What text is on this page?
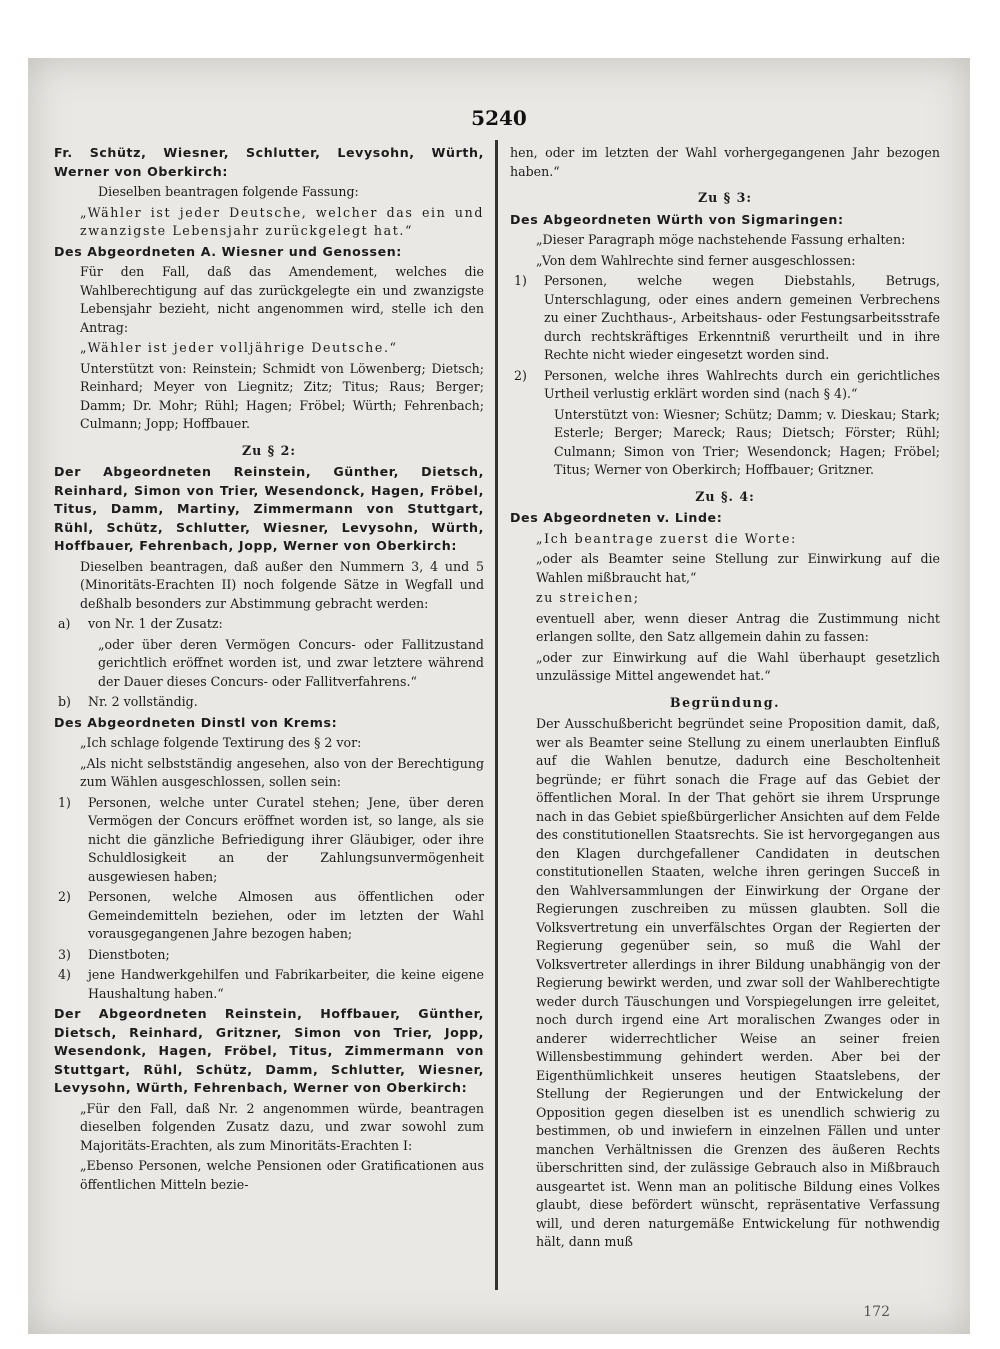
5240
Fr. Schütz, Wiesner, Schlutter, Levysohn, Würth, Werner von Oberkirch:

Dieselben beantragen folgende Fassung:

„Wähler ist jeder Deutsche, welcher das ein und zwanzigste Lebensjahr zurückgelegt hat.“

Des Abgeordneten A. Wiesner und Genossen:

Für den Fall, daß das Amendement, welches die Wahlberechtigung auf das zurückgelegte ein und zwanzigste Lebensjahr bezieht, nicht angenommen wird, stelle ich den Antrag:

„Wähler ist jeder volljährige Deutsche.“

Unterstützt von: Reinstein; Schmidt von Löwenberg; Dietsch; Reinhard; Meyer von Liegnitz; Zitz; Titus; Raus; Berger; Damm; Dr. Mohr; Rühl; Hagen; Fröbel; Würth; Fehrenbach; Culmann; Jopp; Hoffbauer.

Zu § 2:
Der Abgeordneten Reinstein, Günther, Dietsch, Reinhard, Simon von Trier, Wesendonck, Hagen, Fröbel, Titus, Damm, Martiny, Zimmermann von Stuttgart, Rühl, Schütz, Schlutter, Wiesner, Levysohn, Würth, Hoffbauer, Fehrenbach, Jopp, Werner von Oberkirch:

Dieselben beantragen, daß außer den Nummern 3, 4 und 5 (Minoritäts-Erachten II) noch folgende Sätze in Wegfall und deßhalb besonders zur Abstimmung gebracht werden:

a)	von Nr. 1 der Zusatz:

„oder über deren Vermögen Concurs- oder Fallitzustand gerichtlich eröffnet worden ist, und zwar letztere während der Dauer dieses Concurs- oder Fallitverfahrens.“

b)	Nr. 2 vollständig.
Des Abgeordneten Dinstl von Krems:

„Ich schlage folgende Textirung des § 2 vor:

„Als nicht selbstständig angesehen, also von der Berechtigung zum Wählen ausgeschlossen, sollen sein:

1)	Personen, welche unter Curatel stehen; Jene, über deren Vermögen der Concurs eröffnet worden ist, so lange, als sie nicht die gänzliche Befriedigung ihrer Gläubiger, oder ihre Schuldlosigkeit an der Zahlungsunvermögenheit ausgewiesen haben;
2)	Personen, welche Almosen aus öffentlichen oder Gemeindemitteln beziehen, oder im letzten der Wahl vorausgegangenen Jahre bezogen haben;
3)	Dienstboten;
4)	jene Handwerkgehilfen und Fabrikarbeiter, die keine eigene Haushaltung haben.“
Der Abgeordneten Reinstein, Hoffbauer, Günther, Dietsch, Reinhard, Gritzner, Simon von Trier, Jopp, Wesendonk, Hagen, Fröbel, Titus, Zimmermann von Stuttgart, Rühl, Schütz, Damm, Schlutter, Wiesner, Levysohn, Würth, Fehrenbach, Werner von Oberkirch:

„Für den Fall, daß Nr. 2 angenommen würde, beantragen dieselben folgenden Zusatz dazu, und zwar sowohl zum Majoritäts-Erachten, als zum Minoritäts-Erachten I:

„Ebenso Personen, welche Pensionen oder Gratificationen aus öffentlichen Mitteln bezie-

hen, oder im letzten der Wahl vorhergegangenen Jahr bezogen haben.“

Zu § 3:
Des Abgeordneten Würth von Sigmaringen:

„Dieser Paragraph möge nachstehende Fassung erhalten:

„Von dem Wahlrechte sind ferner ausgeschlossen:

1)	Personen, welche wegen Diebstahls, Betrugs, Unterschlagung, oder eines andern gemeinen Verbrechens zu einer Zuchthaus-, Arbeitshaus- oder Festungsarbeitsstrafe durch rechtskräftiges Erkenntniß verurtheilt und in ihre Rechte nicht wieder eingesetzt worden sind.
2)	Personen, welche ihres Wahlrechts durch ein gerichtliches Urtheil verlustig erklärt worden sind (nach § 4).“

Unterstützt von: Wiesner; Schütz; Damm; v. Dieskau; Stark; Esterle; Berger; Mareck; Raus; Dietsch; Förster; Rühl; Culmann; Simon von Trier; Wesendonck; Hagen; Fröbel; Titus; Werner von Oberkirch; Hoffbauer; Gritzner.

Zu §. 4:
Des Abgeordneten v. Linde:

„Ich beantrage zuerst die Worte:

„oder als Beamter seine Stellung zur Einwirkung auf die Wahlen mißbraucht hat,“

zu streichen;

eventuell aber, wenn dieser Antrag die Zustimmung nicht erlangen sollte, den Satz allgemein dahin zu fassen:

„oder zur Einwirkung auf die Wahl überhaupt gesetzlich unzulässige Mittel angewendet hat.“

Begründung.

Der Ausschußbericht begründet seine Proposition damit, daß, wer als Beamter seine Stellung zu einem unerlaubten Einfluß auf die Wahlen benutze, dadurch eine Bescholtenheit begründe; er führt sonach die Frage auf das Gebiet der öffentlichen Moral. In der That gehört sie ihrem Ursprunge nach in das Gebiet spießbürgerlicher Ansichten auf dem Felde des constitutionellen Staatsrechts. Sie ist hervorgegangen aus den Klagen durchgefallener Candidaten in deutschen constitutionellen Staaten, welche ihren geringen Succeß in den Wahlversammlungen der Einwirkung der Organe der Regierungen zuschreiben zu müssen glaubten. Soll die Volksvertretung ein unverfälschtes Organ der Regierten der Regierung gegenüber sein, so muß die Wahl der Volksvertreter allerdings in ihrer Bildung unabhängig von der Regierung bewirkt werden, und zwar soll der Wahlberechtigte weder durch Täuschungen und Vorspiegelungen irre geleitet, noch durch irgend eine Art moralischen Zwanges oder in anderer widerrechtlicher Weise an seiner freien Willensbestimmung gehindert werden. Aber bei der Eigenthümlichkeit unseres heutigen Staatslebens, der Stellung der Regierungen und der Entwickelung der Opposition gegen dieselben ist es unendlich schwierig zu bestimmen, ob und inwiefern in einzelnen Fällen und unter manchen Verhältnissen die Grenzen des äußeren Rechts überschritten sind, der zulässige Gebrauch also in Mißbrauch ausgeartet ist. Wenn man an politische Bildung eines Volkes glaubt, diese befördert wünscht, repräsentative Verfassung will, und deren naturgemäße Entwickelung für nothwendig hält, dann muß

172
